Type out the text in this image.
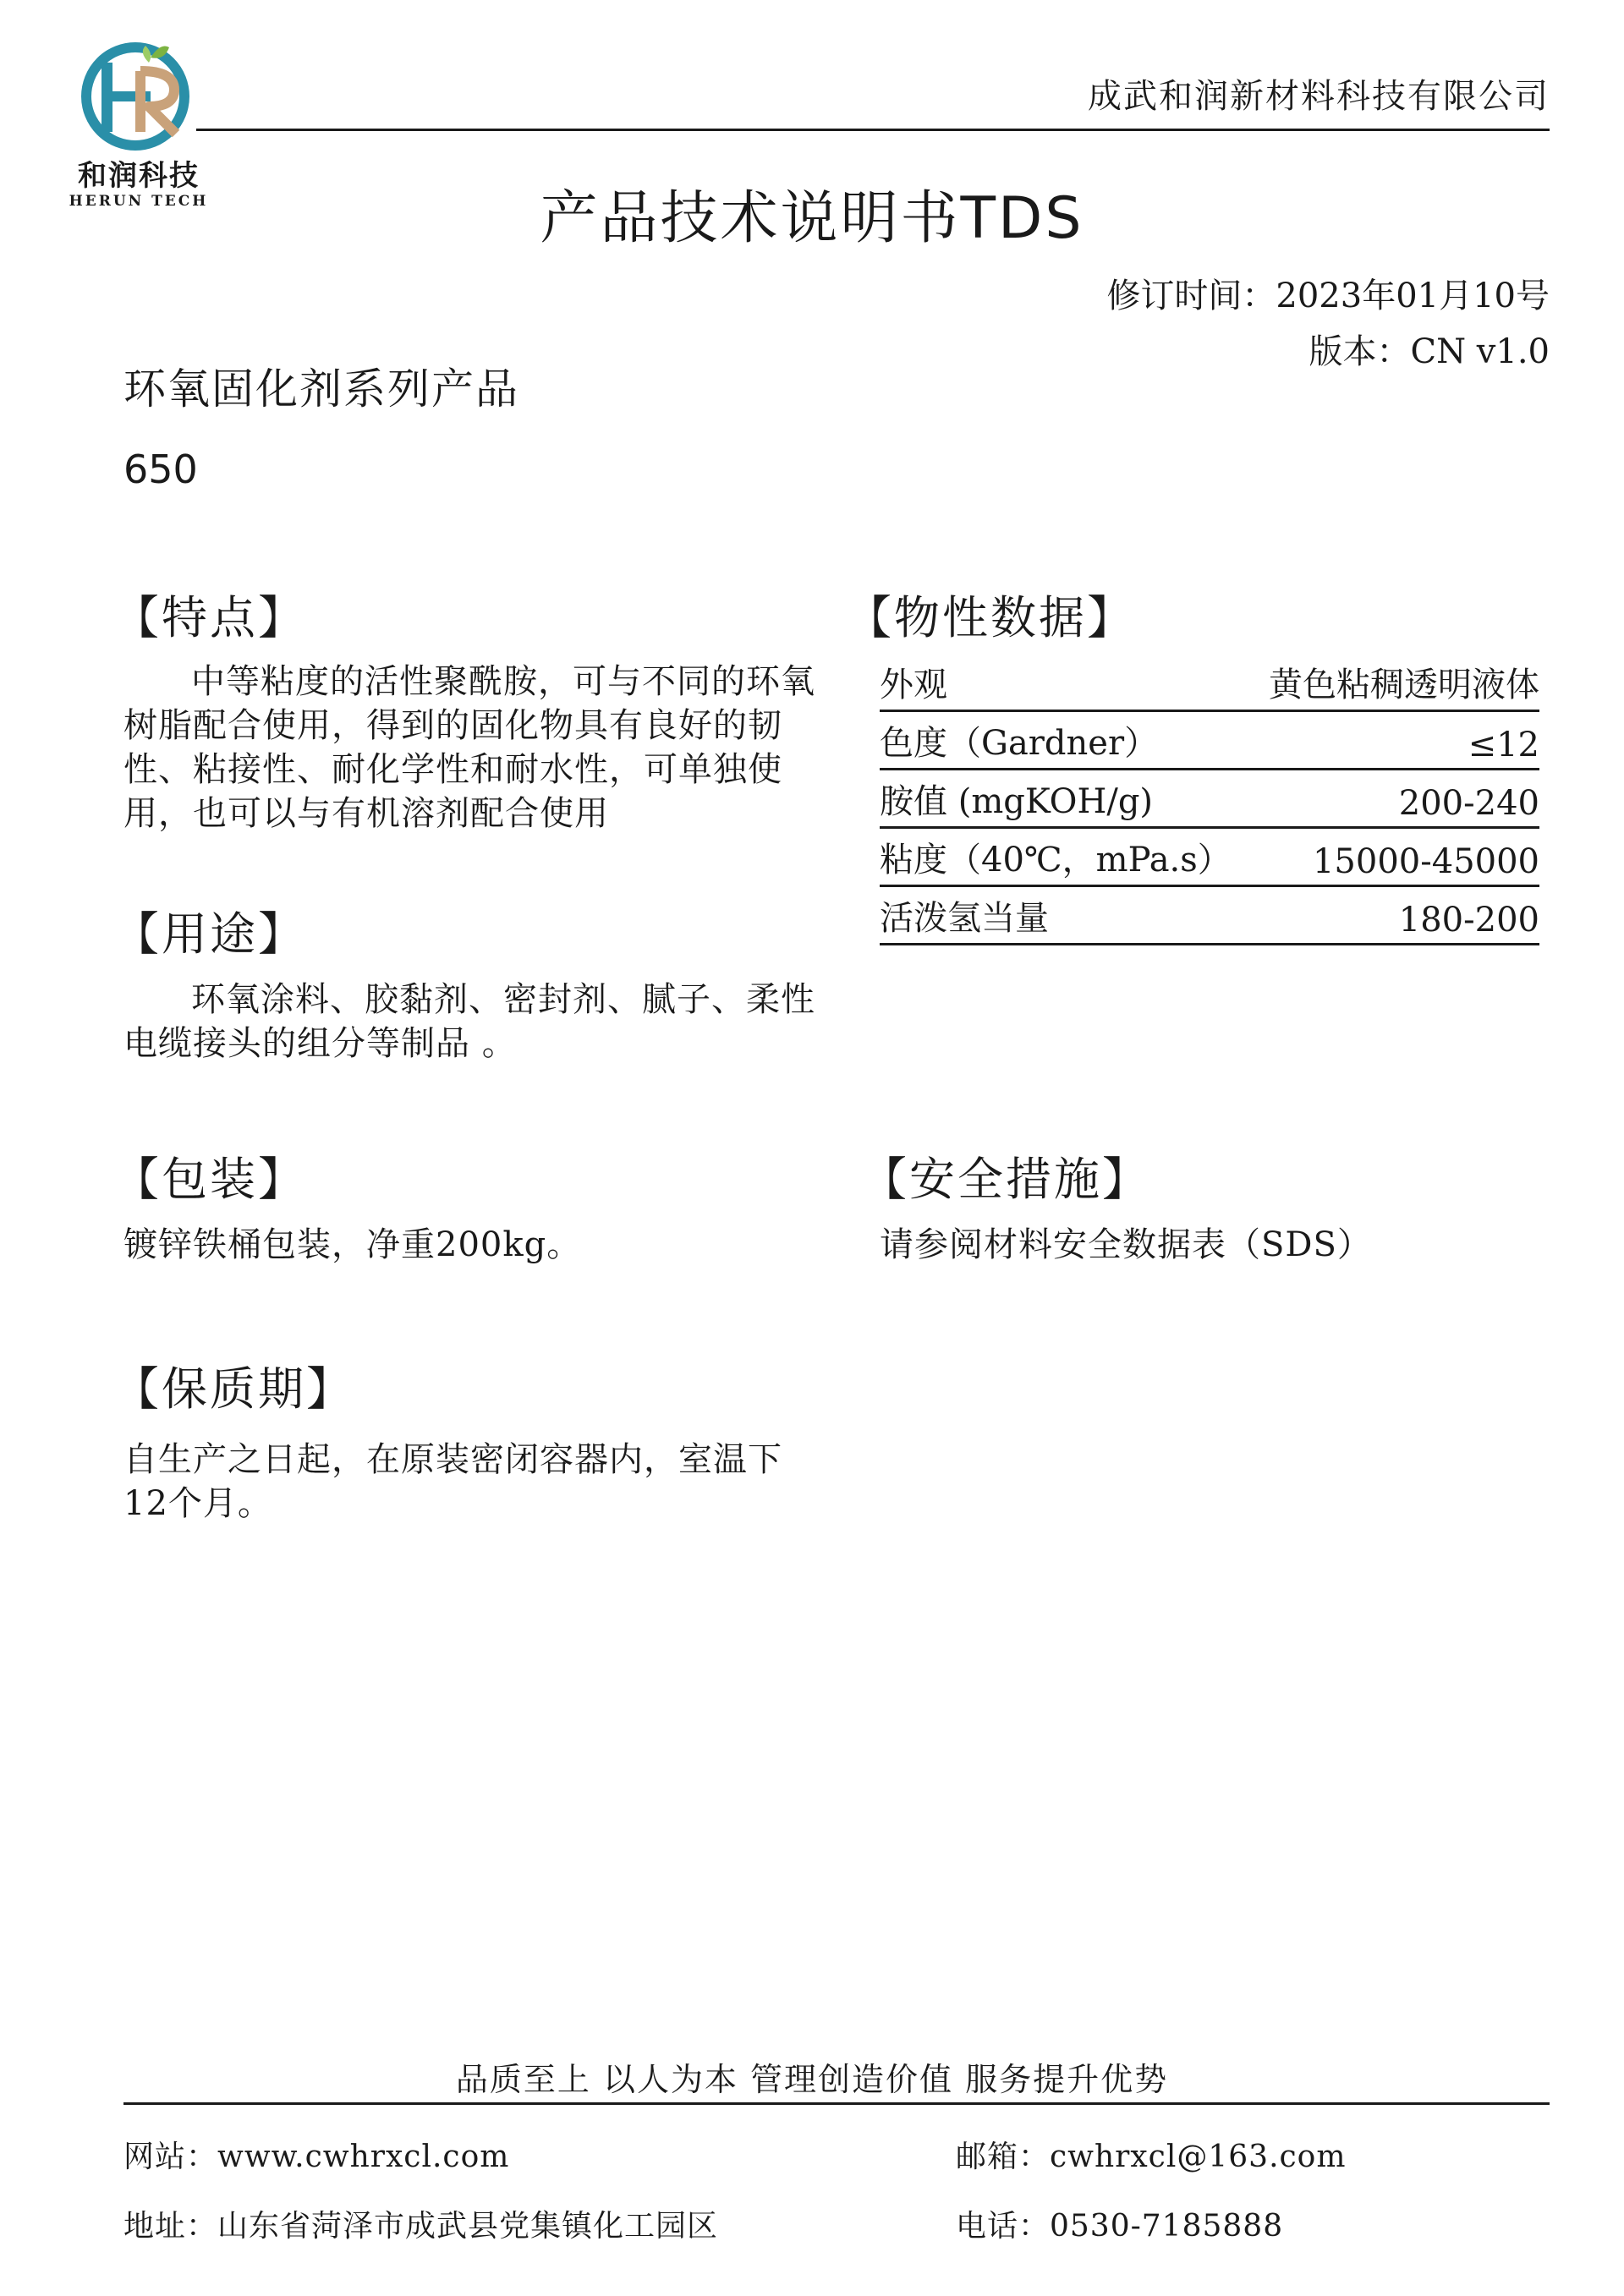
和润科技
HERUN TECH
成武和润新材料科技有限公司
产品技术说明书TDS
修订时间：2023年01月10号
版本：CN v1.0
环氧固化剂系列产品
650
【特点】
中等粘度的活性聚酰胺，可与不同的环氧树脂配合使用，得到的固化物具有良好的韧性、粘接性、耐化学性和耐水性，可单独使用，也可以与有机溶剂配合使用
【用途】
环氧涂料、胶黏剂、密封剂、腻子、柔性电缆接头的组分等制品 。
【包装】
镀锌铁桶包装，净重200kg。
【保质期】
自生产之日起，在原装密闭容器内，室温下12个月。
【物性数据】
外观	黄色粘稠透明液体
色度（Gardner）	≤12
胺值 (mgKOH/g)	200-240
粘度（40℃，mPa.s） 15000-45000
活泼氢当量	180-200
【安全措施】
请参阅材料安全数据表（SDS）
品质至上 以人为本 管理创造价值 服务提升优势
网站：www.cwhrxcl.com	邮箱：cwhrxcl@163.com
地址：山东省菏泽市成武县党集镇化工园区	电话：0530-7185888
